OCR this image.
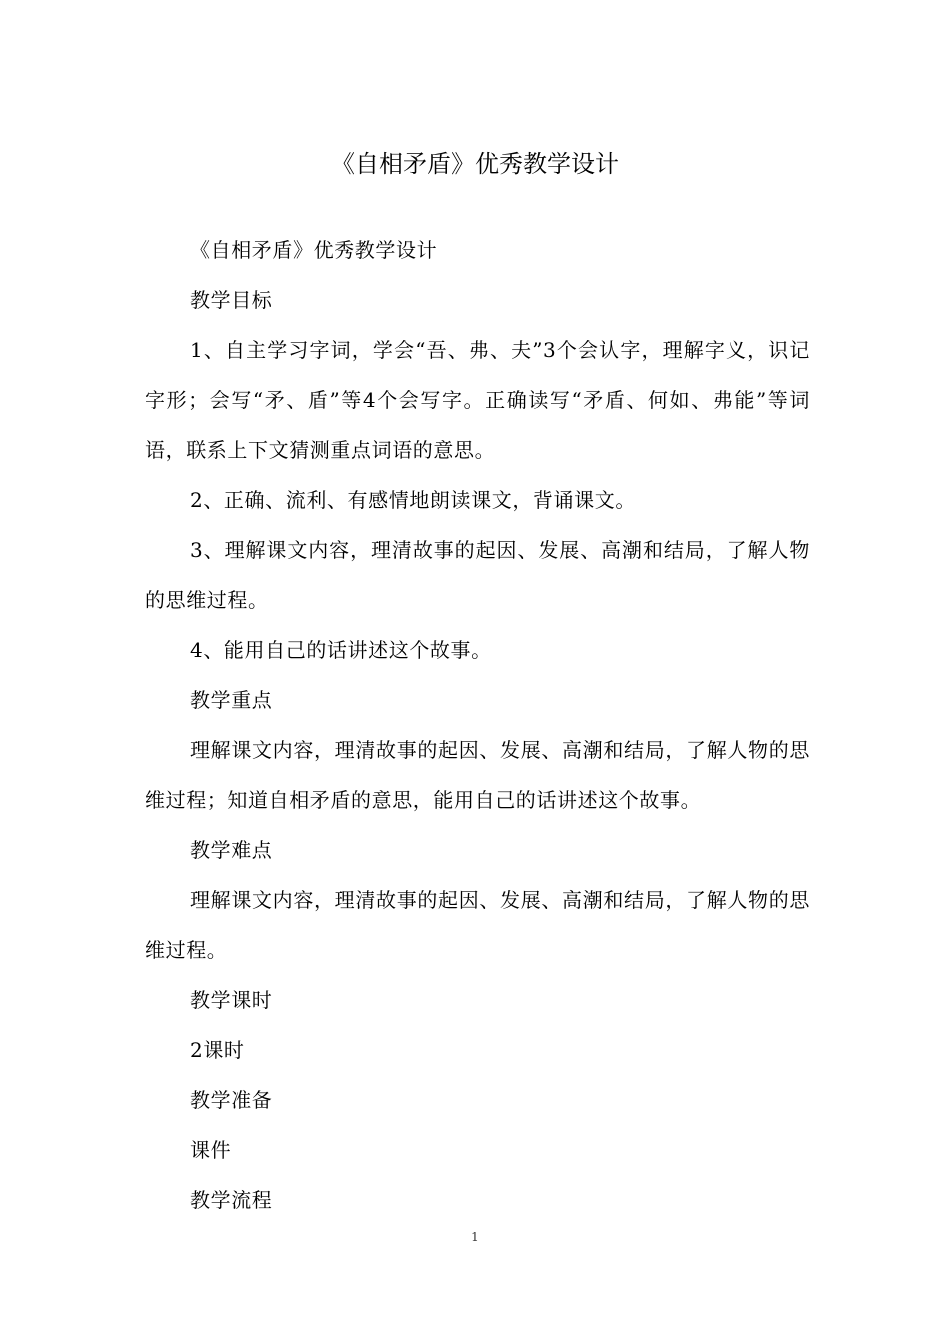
《自相矛盾》优秀教学设计

《自相矛盾》优秀教学设计

教学目标

1、自主学习字词，学会“吾、弗、夫”3个会认字，理解字义，识记字形；会写“矛、盾”等4个会写字。正确读写“矛盾、何如、弗能”等词语，联系上下文猜测重点词语的意思。

2、正确、流利、有感情地朗读课文，背诵课文。

3、理解课文内容，理清故事的起因、发展、高潮和结局，了解人物的思维过程。

4、能用自己的话讲述这个故事。

教学重点

理解课文内容，理清故事的起因、发展、高潮和结局，了解人物的思维过程；知道自相矛盾的意思，能用自己的话讲述这个故事。

教学难点

理解课文内容，理清故事的起因、发展、高潮和结局，了解人物的思维过程。

教学课时

2课时

教学准备

课件

教学流程

1
